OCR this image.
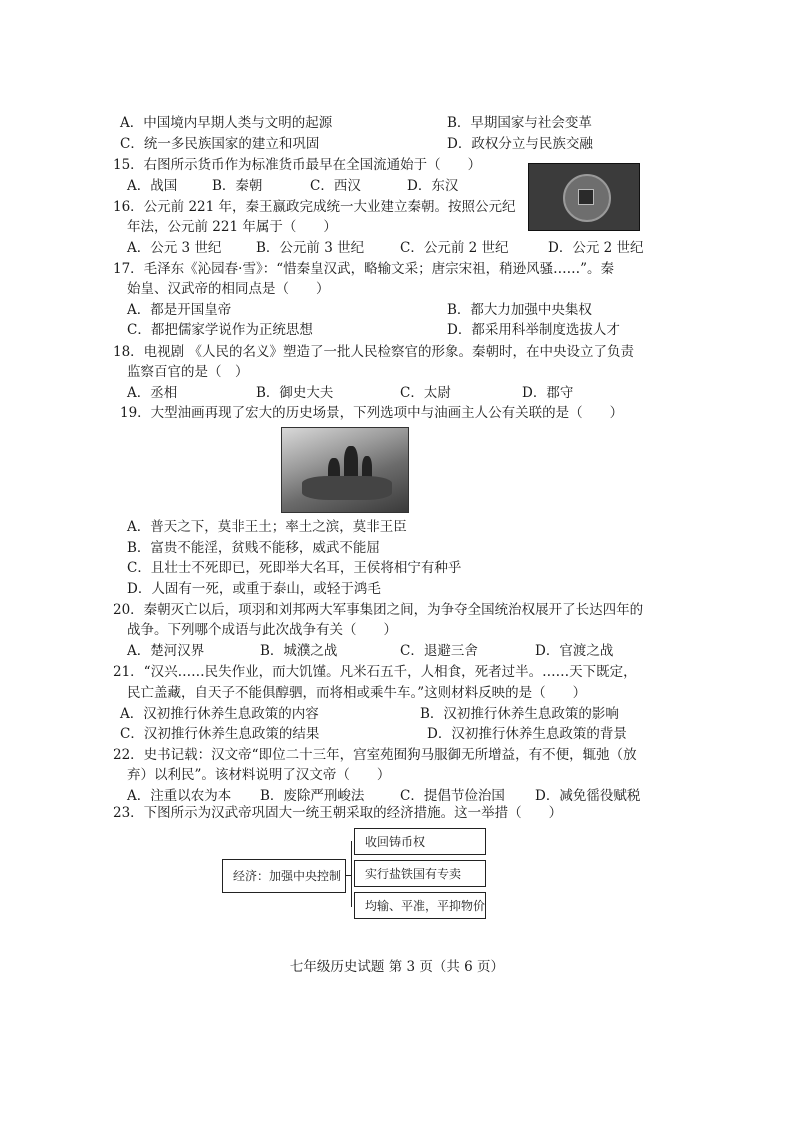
A．中国境内早期人类与文明的起源	B．早期国家与社会变革
C．统一多民族国家的建立和巩固	D．政权分立与民族交融
15．右图所示货币作为标准货币最早在全国流通始于（　　）
A．战国	B．秦朝	C．西汉	D．东汉
16．公元前 221 年，秦王嬴政完成统一大业建立秦朝。按照公元纪
年法，公元前 221 年属于（　　）
A．公元 3 世纪	B．公元前 3 世纪	C．公元前 2 世纪	D．公元 2 世纪
17．毛泽东《沁园春·雪》：“惜秦皇汉武，略输文采；唐宗宋祖，稍逊风骚……”。秦
始皇、汉武帝的相同点是（　　）
A．都是开国皇帝	B．都大力加强中央集权
C．都把儒家学说作为正统思想	D．都采用科举制度选拔人才
18．电视剧 《人民的名义》塑造了一批人民检察官的形象。秦朝时，在中央设立了负责
监察百官的是（　）
A．丞相	B．御史大夫	C．太尉	D．郡守
19．大型油画再现了宏大的历史场景，下列选项中与油画主人公有关联的是（　　）
A．普天之下，莫非王土；率土之滨，莫非王臣
B．富贵不能淫，贫贱不能移，威武不能屈
C．且壮士不死即已，死即举大名耳，王侯将相宁有种乎
D．人固有一死，或重于泰山，或轻于鸿毛
20．秦朝灭亡以后，项羽和刘邦两大军事集团之间，为争夺全国统治权展开了长达四年的
战争。下列哪个成语与此次战争有关（　　）
A．楚河汉界	B．城濮之战	C．退避三舍	D．官渡之战
21．“汉兴……民失作业，而大饥馑。凡米石五千，人相食，死者过半。……天下既定，
民亡盖藏，自天子不能俱醇驷，而将相或乘牛车。”这则材料反映的是（　　）
A．汉初推行休养生息政策的内容	B．汉初推行休养生息政策的影响
C．汉初推行休养生息政策的结果	D．汉初推行休养生息政策的背景
22．史书记载：汉文帝“即位二十三年，宫室苑囿狗马服御无所增益，有不便，辄弛（放
弃）以利民”。该材料说明了汉文帝（　　）
A．注重以农为本 B．废除严刑峻法	C．提倡节俭治国 D．减免徭役赋税
23．下图所示为汉武帝巩固大一统王朝采取的经济措施。这一举措（　　）
经济：加强中央控制
收回铸币权
实行盐铁国有专卖
均输、平准，平抑物价
七年级历史试题 第 3 页（共 6 页）
